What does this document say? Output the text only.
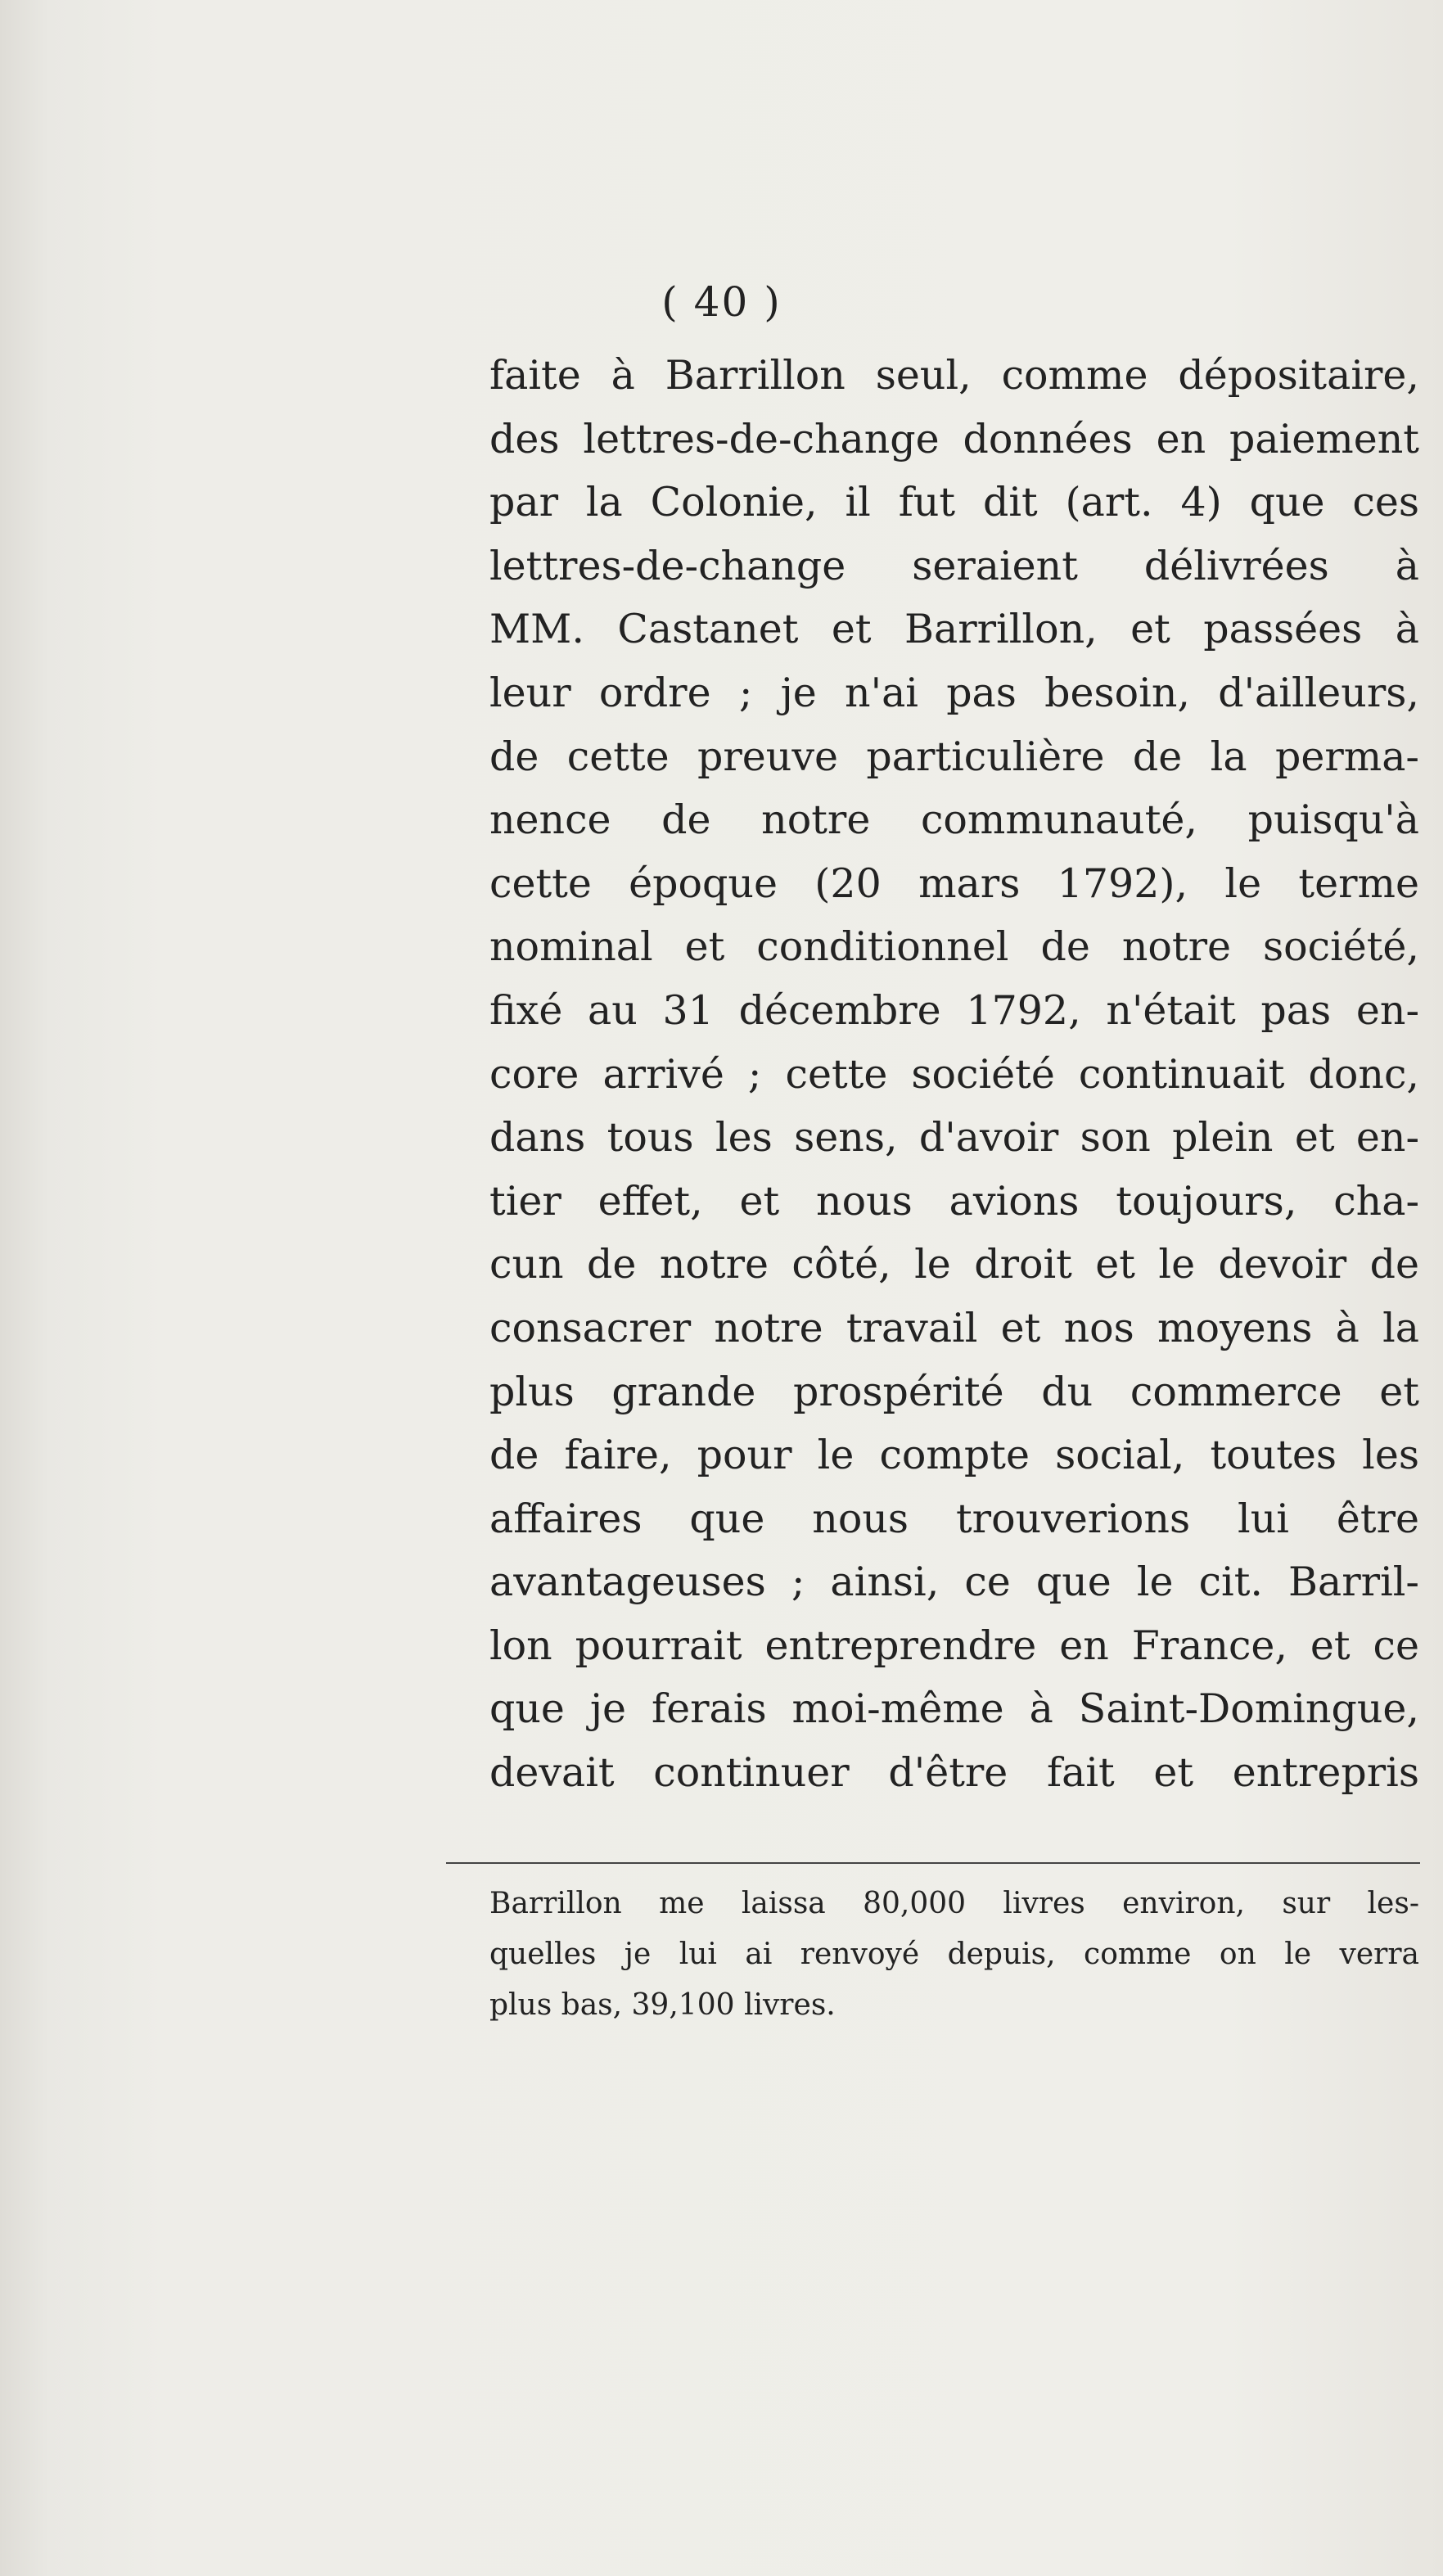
( 40 )
faite à Barrillon seul, comme dépositaire,
des lettres-de-change données en paiement
par la Colonie, il fut dit (art. 4) que ces
lettres-de-change seraient délivrées à
MM. Castanet et Barrillon, et passées à
leur ordre ; je n'ai pas besoin, d'ailleurs,
de cette preuve particulière de la perma-
nence de notre communauté, puisqu'à
cette époque (20 mars 1792), le terme
nominal et conditionnel de notre société,
fixé au 31 décembre 1792, n'était pas en-
core arrivé ; cette société continuait donc,
dans tous les sens, d'avoir son plein et en-
tier effet, et nous avions toujours, cha-
cun de notre côté, le droit et le devoir de
consacrer notre travail et nos moyens à la
plus grande prospérité du commerce et
de faire, pour le compte social, toutes les
affaires que nous trouverions lui être
avantageuses ; ainsi, ce que le cit. Barril-
lon pourrait entreprendre en France, et ce
que je ferais moi-même à Saint-Domingue,
devait continuer d'être fait et entrepris
Barrillon me laissa 80,000 livres environ, sur les-
quelles je lui ai renvoyé depuis, comme on le verra
plus bas, 39,100 livres.
